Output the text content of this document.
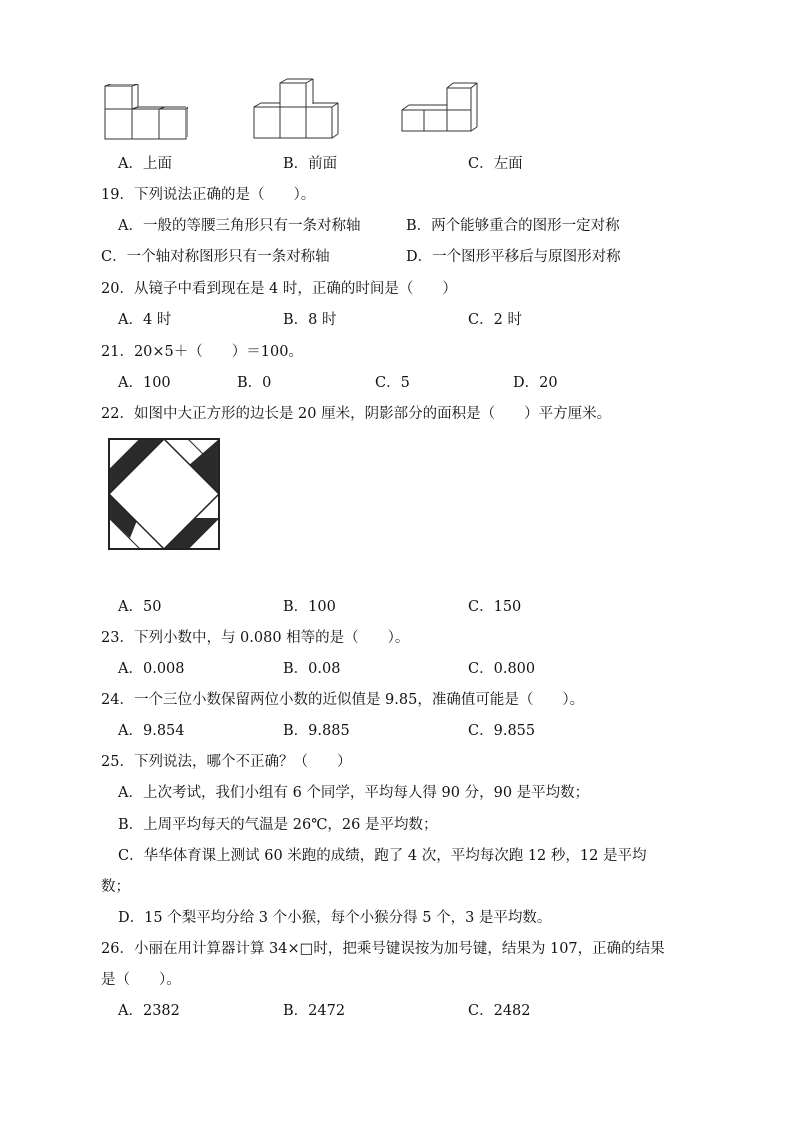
A．上面	B．前面	C．左面
19．下列说法正确的是（　　）。
A．一般的等腰三角形只有一条对称轴	B．两个能够重合的图形一定对称
C．一个轴对称图形只有一条对称轴	D．一个图形平移后与原图形对称
20．从镜子中看到现在是 4 时，正确的时间是（　　）
A．4 时	B．8 时	C．2 时
21．20×5＋（　　）＝100。
A．100	B．0	C．5	D．20
22．如图中大正方形的边长是 20 厘米，阴影部分的面积是（　　）平方厘米。
A．50	B．100	C．150
23．下列小数中，与 0.080 相等的是（　　）。
A．0.008	B．0.08	C．0.800
24．一个三位小数保留两位小数的近似值是 9.85，准确值可能是（　　）。
A．9.854	B．9.885	C．9.855
25．下列说法，哪个不正确？（　　）
A．上次考试，我们小组有 6 个同学，平均每人得 90 分，90 是平均数；
B．上周平均每天的气温是 26℃，26 是平均数；
C．华华体育课上测试 60 米跑的成绩，跑了 4 次，平均每次跑 12 秒，12 是平均
数；
D．15 个梨平均分给 3 个小猴，每个小猴分得 5 个，3 是平均数。
26．小丽在用计算器计算 34×□时，把乘号键误按为加号键，结果为 107，正确的结果
是（　　）。
A．2382	B．2472	C．2482
